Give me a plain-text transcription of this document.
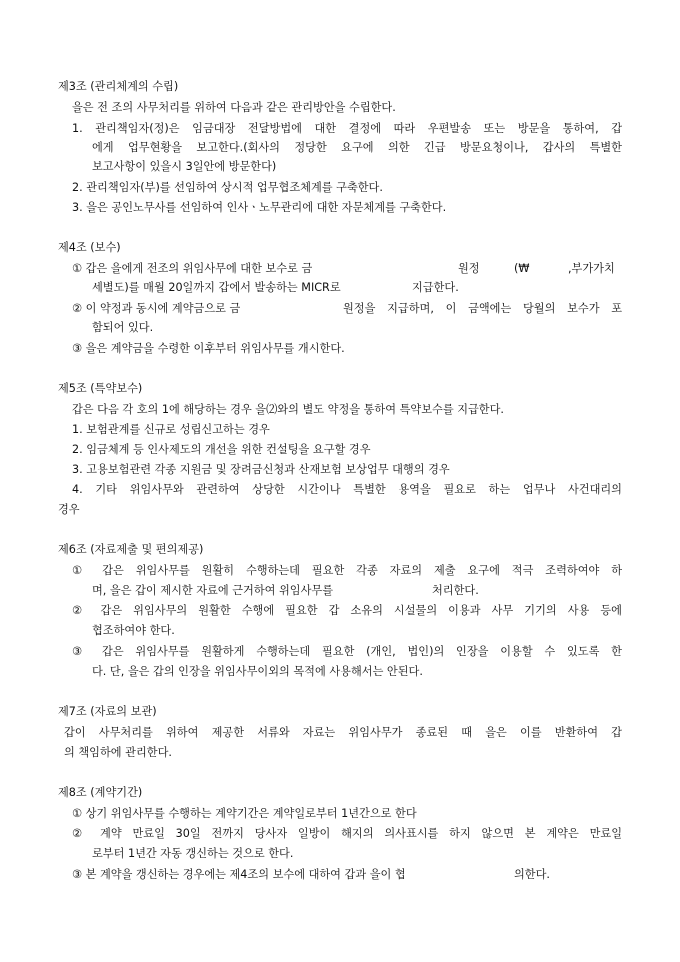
제3조 (관리체계의 수립)
을은 전 조의 사무처리를 위하여 다음과 같은 관리방안을 수립한다.
1. 관리책임자(정)은 임금대장 전달방법에 대한 결정에 따라 우편발송 또는 방문을 통하여, 갑
에게 업무현황을 보고한다.(회사의 정당한 요구에 의한 긴급 방문요청이나, 갑사의 특별한
보고사항이 있을시 3일안에 방문한다)
2. 관리책임자(부)를 선임하여 상시적 업무협조체계를 구축한다.
3. 을은 공인노무사를 선임하여 인사ㆍ노무관리에 대한 자문체계를 구축한다.
제4조 (보수)
① 갑은 을에게 전조의 위임사무에 대한 보수로 금	원정	(₩	,부가가치
세별도)를 매월 20일까지 갑에서 발송하는 MICR로	지급한다.
② 이 약정과 동시에 계약금으로 금	원정을 지급하며, 이 금액에는 당월의 보수가 포
함되어 있다.
③ 을은 계약금을 수령한 이후부터 위임사무를 개시한다.
제5조 (특약보수)
갑은 다음 각 호의 1에 해당하는 경우 을⑵와의 별도 약정을 통하여 특약보수를 지급한다.
1. 보험관계를 신규로 성립신고하는 경우
2. 임금체계 등 인사제도의 개선을 위한 컨설팅을 요구할 경우
3. 고용보험관련 각종 지원금 및 장려금신청과 산재보험 보상업무 대행의 경우
4. 기타 위임사무와 관련하여 상당한 시간이나 특별한 용역을 필요로 하는 업무나 사건대리의
경우
제6조 (자료제출 및 편의제공)
① 갑은 위임사무를 원활히 수행하는데 필요한 각종 자료의 제출 요구에 적극 조력하여야 하
며, 을은 갑이 제시한 자료에 근거하여 위임사무를	처리한다.
② 갑은 위임사무의 원활한 수행에 필요한 갑 소유의 시설물의 이용과 사무 기기의 사용 등에
협조하여야 한다.
③ 갑은 위임사무를 원활하게 수행하는데 필요한 (개인, 법인)의 인장을 이용할 수 있도록 한
다. 단, 을은 갑의 인장을 위임사무이외의 목적에 사용해서는 안된다.
제7조 (자료의 보관)
갑이 사무처리를 위하여 제공한 서류와 자료는 위임사무가 종료된 때 을은 이를 반환하여 갑
의 책임하에 관리한다.
제8조 (계약기간)
① 상기 위임사무를 수행하는 계약기간은 계약일로부터 1년간으로 한다
② 계약 만료일 30일 전까지 당사자 일방이 해지의 의사표시를 하지 않으면 본 계약은 만료일
로부터 1년간 자동 갱신하는 것으로 한다.
③ 본 계약을 갱신하는 경우에는 제4조의 보수에 대하여 갑과 을이 협	의한다.
